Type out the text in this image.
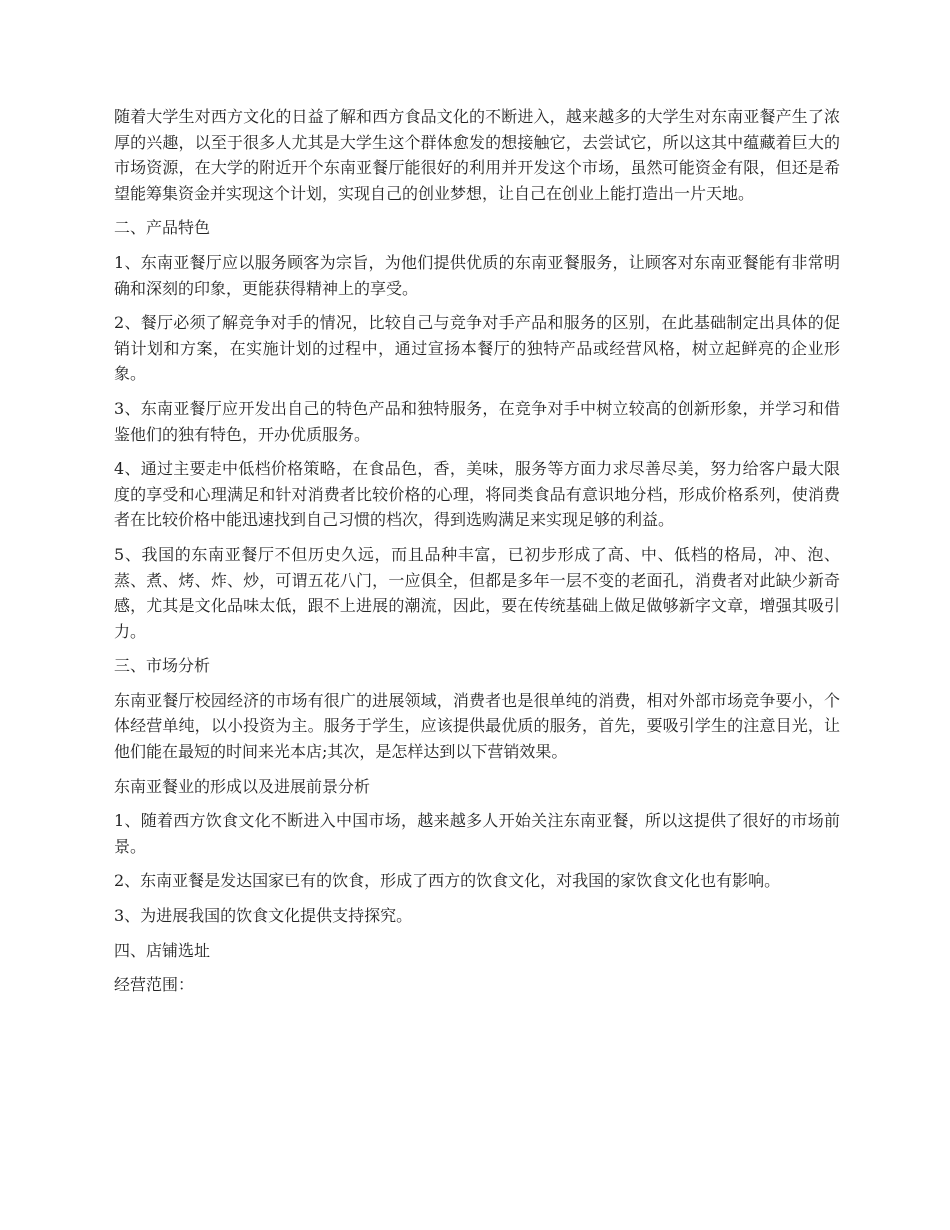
随着大学生对西方文化的日益了解和西方食品文化的不断进入，越来越多的大学生对东南亚餐产生了浓厚的兴趣，以至于很多人尤其是大学生这个群体愈发的想接触它，去尝试它，所以这其中蕴藏着巨大的市场资源，在大学的附近开个东南亚餐厅能很好的利用并开发这个市场，虽然可能资金有限，但还是希望能筹集资金并实现这个计划，实现自己的创业梦想，让自己在创业上能打造出一片天地。

二、产品特色

1、东南亚餐厅应以服务顾客为宗旨，为他们提供优质的东南亚餐服务，让顾客对东南亚餐能有非常明确和深刻的印象，更能获得精神上的享受。

2、餐厅必须了解竞争对手的情况，比较自己与竞争对手产品和服务的区别，在此基础制定出具体的促销计划和方案，在实施计划的过程中，通过宣扬本餐厅的独特产品或经营风格，树立起鲜亮的企业形象。

3、东南亚餐厅应开发出自己的特色产品和独特服务，在竞争对手中树立较高的创新形象，并学习和借鉴他们的独有特色，开办优质服务。

4、通过主要走中低档价格策略，在食品色，香，美味，服务等方面力求尽善尽美，努力给客户最大限度的享受和心理满足和针对消费者比较价格的心理，将同类食品有意识地分档，形成价格系列，使消费者在比较价格中能迅速找到自己习惯的档次，得到选购满足来实现足够的利益。

5、我国的东南亚餐厅不但历史久远，而且品种丰富，已初步形成了高、中、低档的格局，冲、泡、蒸、煮、烤、炸、炒，可谓五花八门，一应俱全，但都是多年一层不变的老面孔，消费者对此缺少新奇感，尤其是文化品味太低，跟不上进展的潮流，因此，要在传统基础上做足做够新字文章，增强其吸引力。

三、市场分析

东南亚餐厅校园经济的市场有很广的进展领域，消费者也是很单纯的消费，相对外部市场竞争要小，个体经营单纯，以小投资为主。服务于学生，应该提供最优质的服务，首先，要吸引学生的注意目光，让他们能在最短的时间来光本店;其次，是怎样达到以下营销效果。

东南亚餐业的形成以及进展前景分析

1、随着西方饮食文化不断进入中国市场，越来越多人开始关注东南亚餐，所以这提供了很好的市场前景。

2、东南亚餐是发达国家已有的饮食，形成了西方的饮食文化，对我国的家饮食文化也有影响。

3、为进展我国的饮食文化提供支持探究。

四、店铺选址

经营范围：
